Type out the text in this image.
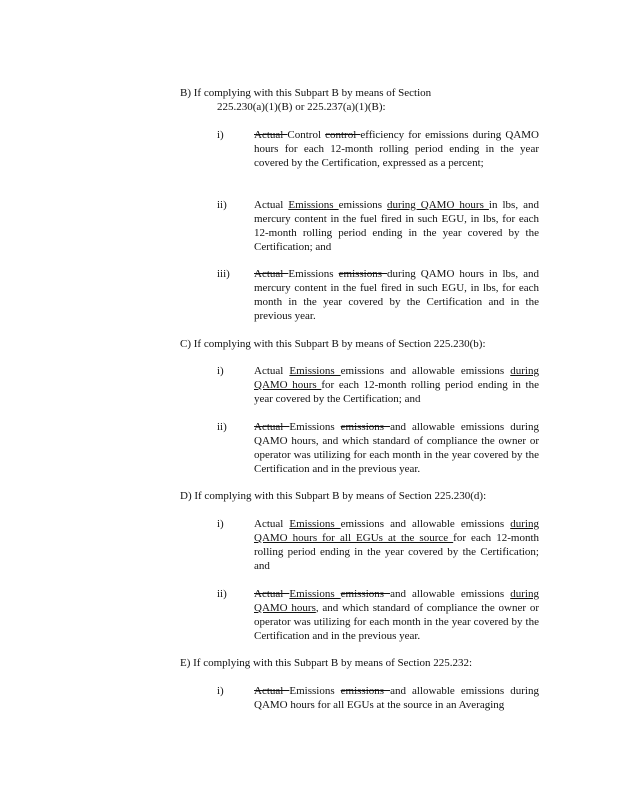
B) If complying with this Subpart B by means of Section
225.230(a)(1)(B) or 225.237(a)(1)(B):
i)	Actual Control control efficiency for emissions during QAMO hours for each 12-month rolling period ending in the year covered by the Certification, expressed as a percent;
ii)	Actual Emissions emissions during QAMO hours in lbs, and mercury content in the fuel fired in such EGU, in lbs, for each 12-month rolling period ending in the year covered by the Certification; and
iii)	Actual Emissions emissions during QAMO hours in lbs, and mercury content in the fuel fired in such EGU, in lbs, for each month in the year covered by the Certification and in the previous year.
C) If complying with this Subpart B by means of Section 225.230(b):
i)	Actual Emissions emissions and allowable emissions during QAMO hours for each 12-month rolling period ending in the year covered by the Certification; and
ii)	Actual Emissions emissions and allowable emissions during QAMO hours, and which standard of compliance the owner or operator was utilizing for each month in the year covered by the Certification and in the previous year.
D) If complying with this Subpart B by means of Section 225.230(d):
i)	Actual Emissions emissions and allowable emissions during QAMO hours for all EGUs at the source for each 12-month rolling period ending in the year covered by the Certification; and
ii)	Actual Emissions emissions and allowable emissions during QAMO hours, and which standard of compliance the owner or operator was utilizing for each month in the year covered by the Certification and in the previous year.
E) If complying with this Subpart B by means of Section 225.232:
i)	Actual Emissions emissions and allowable emissions during QAMO hours for all EGUs at the source in an Averaging
